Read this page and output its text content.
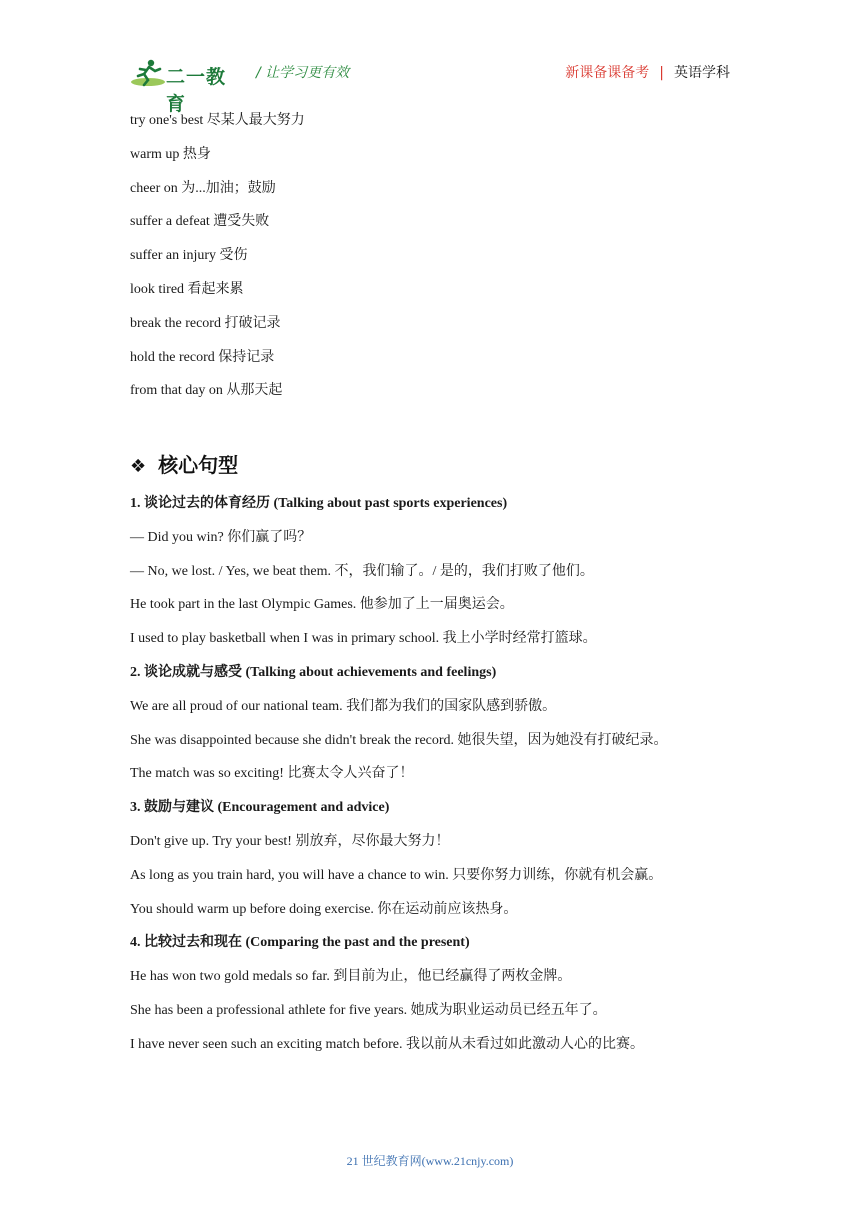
二一教育
/ 让学习更有效	新课备课备考 | 英语学科
try one's best 尽某人最大努力
warm up 热身
cheer on 为...加油；鼓励
suffer a defeat 遭受失败
suffer an injury 受伤
look tired 看起来累
break the record 打破记录
hold the record 保持记录
from that day on 从那天起
❖ 核心句型
1. 谈论过去的体育经历 (Talking about past sports experiences)
— Did you win? 你们赢了吗？
— No, we lost. / Yes, we beat them. 不，我们输了。/ 是的，我们打败了他们。
He took part in the last Olympic Games. 他参加了上一届奥运会。
I used to play basketball when I was in primary school. 我上小学时经常打篮球。
2. 谈论成就与感受 (Talking about achievements and feelings)
We are all proud of our national team. 我们都为我们的国家队感到骄傲。
She was disappointed because she didn't break the record. 她很失望，因为她没有打破纪录。
The match was so exciting! 比赛太令人兴奋了！
3. 鼓励与建议 (Encouragement and advice)
Don't give up. Try your best! 别放弃，尽你最大努力！
As long as you train hard, you will have a chance to win. 只要你努力训练，你就有机会赢。
You should warm up before doing exercise. 你在运动前应该热身。
4. 比较过去和现在 (Comparing the past and the present)
He has won two gold medals so far. 到目前为止，他已经赢得了两枚金牌。
She has been a professional athlete for five years. 她成为职业运动员已经五年了。
I have never seen such an exciting match before. 我以前从未看过如此激动人心的比赛。
21 世纪教育网(www.21cnjy.com)
